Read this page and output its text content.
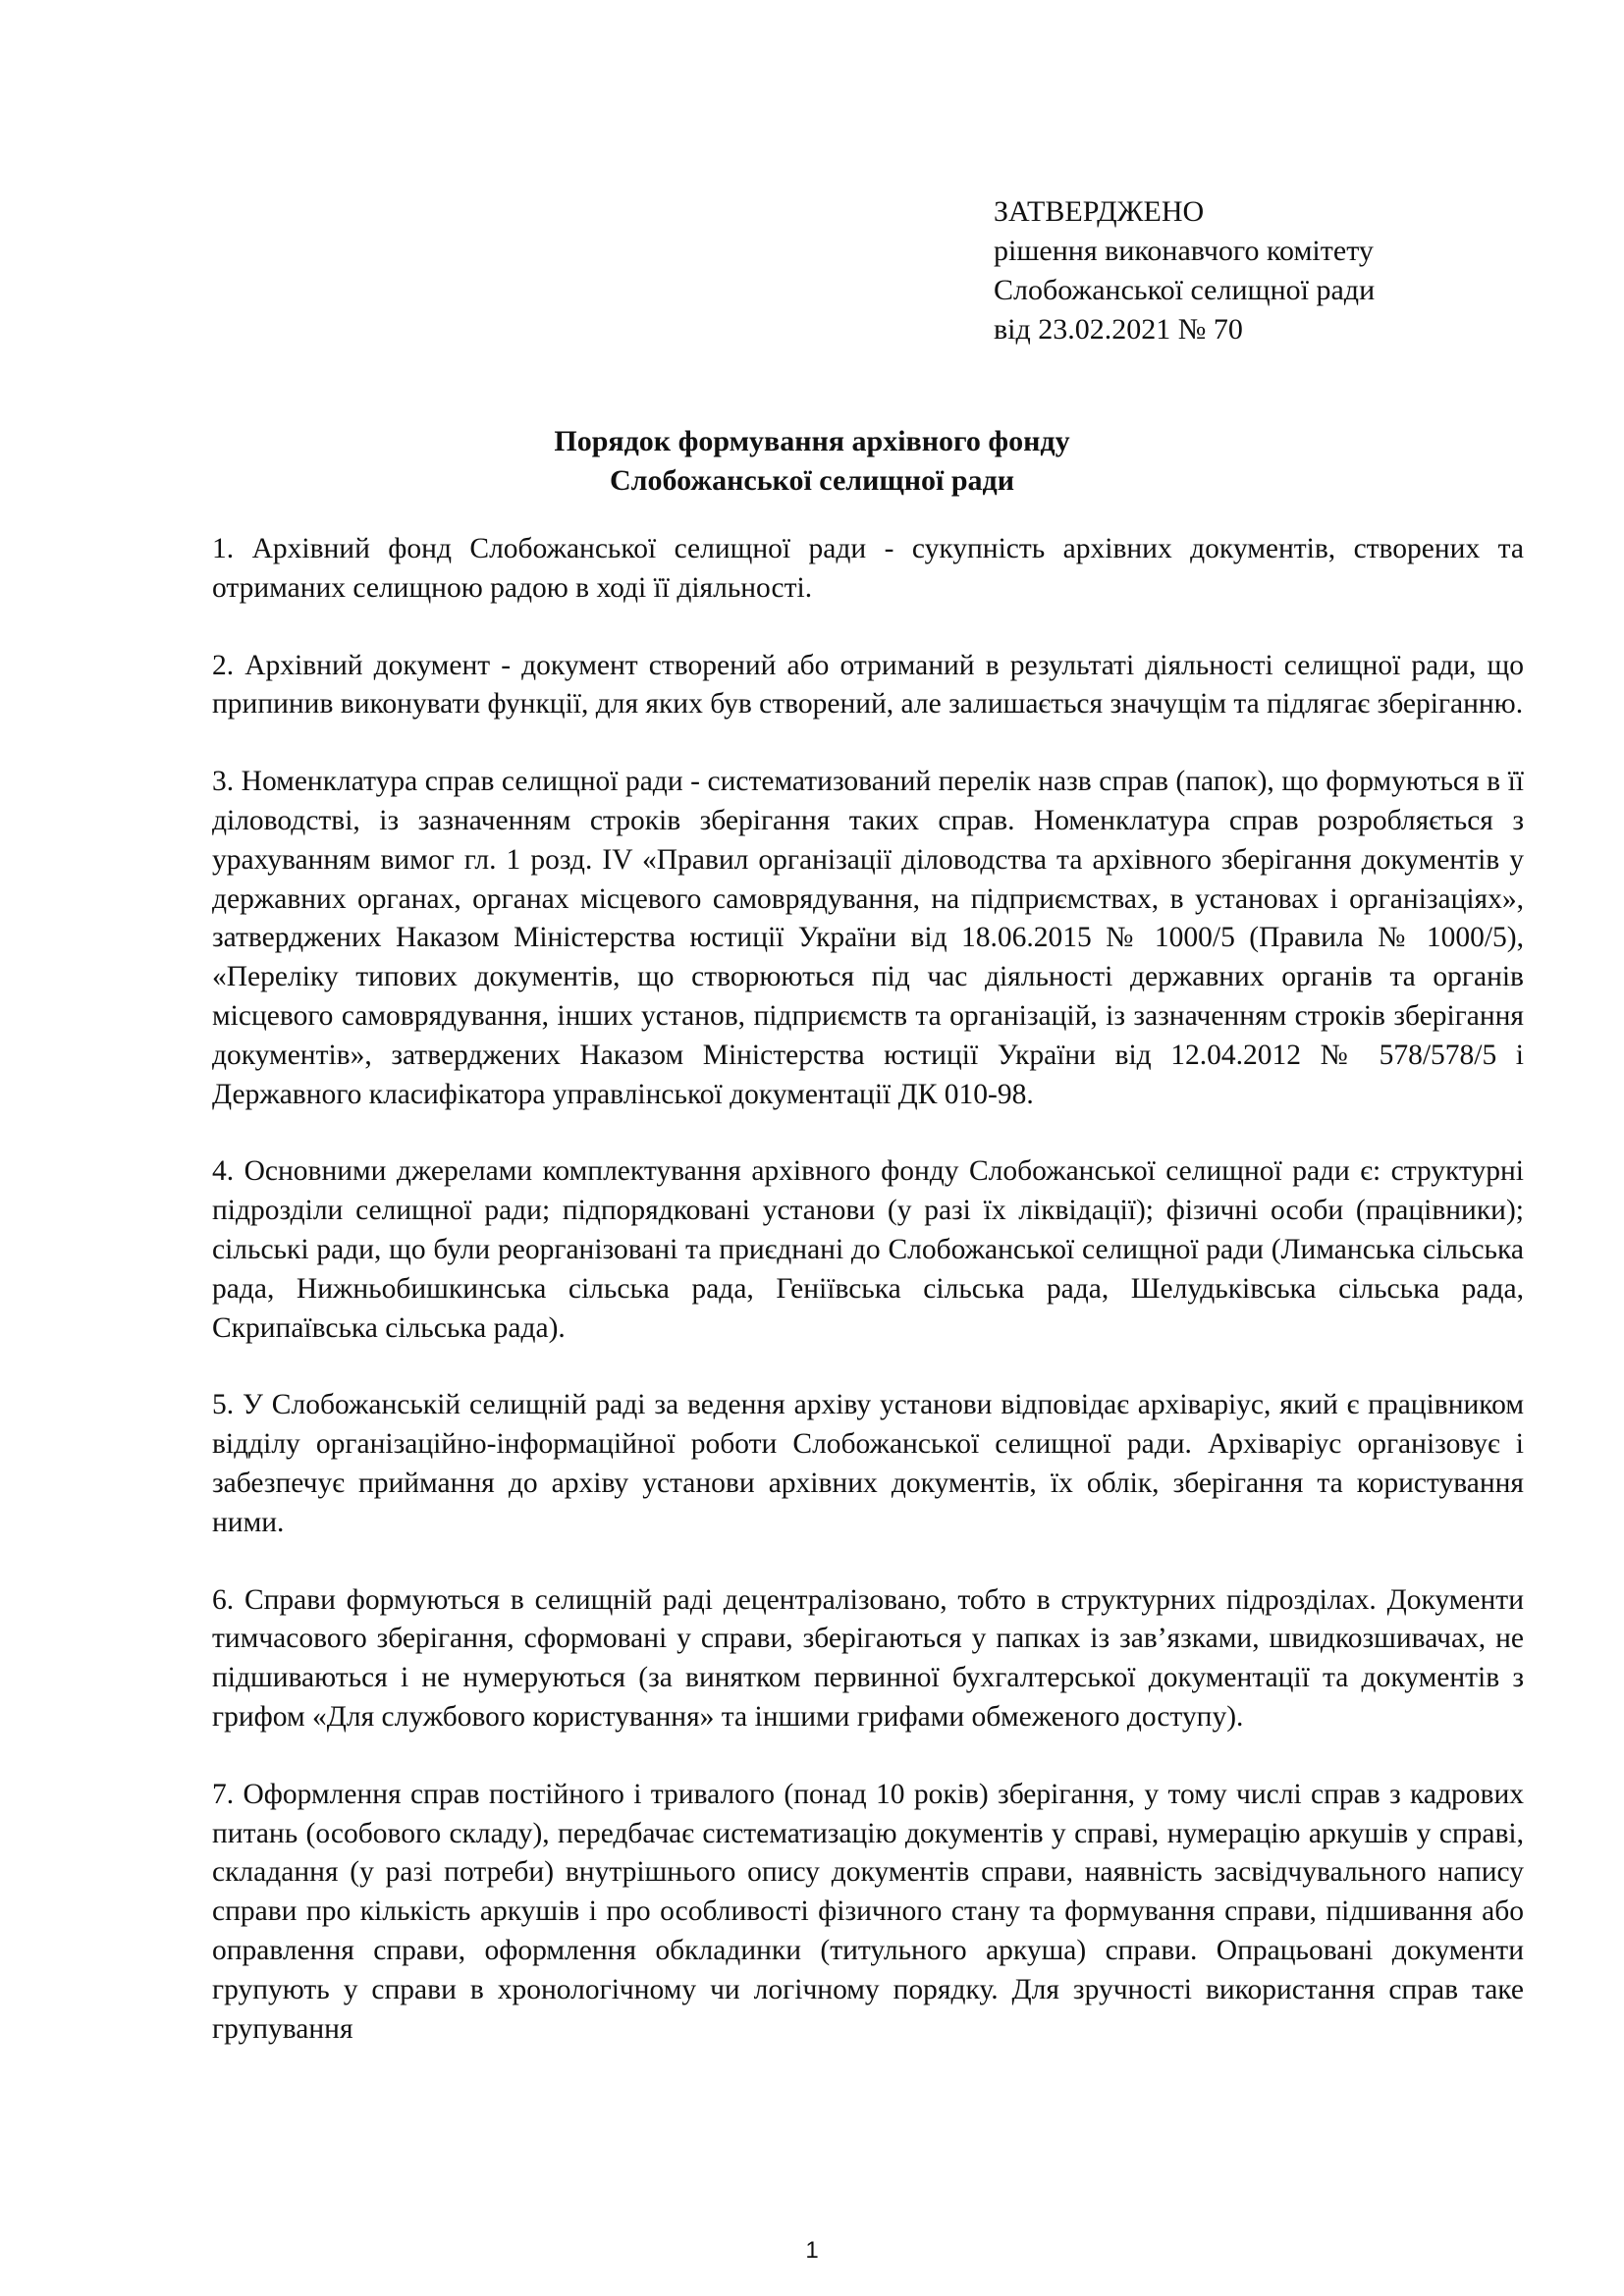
ЗАТВЕРДЖЕНО
рішення виконавчого комітету
Слобожанської селищної ради
від 23.02.2021 № 70
Порядок формування архівного фонду
Слобожанської селищної ради

1. Архівний фонд Слобожанської селищної ради - сукупність архівних документів, створених та отриманих селищною радою в ході її діяльності.

2. Архівний документ - документ створений або отриманий в результаті діяльності селищної ради, що припинив виконувати функції, для яких був створений, але залишається значущім та підлягає зберіганню.

3. Номенклатура справ селищної ради - систематизований перелік назв справ (папок), що формуються в її діловодстві, із зазначенням строків зберігання таких справ. Номенклатура справ розробляється з урахуванням вимог гл. 1 розд. IV «Правил організації діловодства та архівного зберігання документів у державних органах, органах місцевого самоврядування, на підприємствах, в установах і організаціях», затверджених Наказом Міністерства юстиції України від 18.06.2015 № 1000/5 (Правила № 1000/5), «Переліку типових документів, що створюються під час діяльності державних органів та органів місцевого самоврядування, інших установ, підприємств та організацій, із зазначенням строків зберігання документів», затверджених Наказом Міністерства юстиції України від 12.04.2012 № 578/578/5 і Державного класифікатора управлінської документації ДК 010-98.

4. Основними джерелами комплектування архівного фонду Слобожанської селищної ради є: структурні підрозділи селищної ради; підпорядковані установи (у разі їх ліквідації); фізичні особи (працівники); сільські ради, що були реорганізовані та приєднані до Слобожанської селищної ради (Лиманська сільська рада, Нижньобишкинська сільська рада, Геніївська сільська рада, Шелудьківська сільська рада, Скрипаївська сільська рада).

5. У Слобожанській селищній раді за ведення архіву установи відповідає архіваріус, який є працівником відділу організаційно-інформаційної роботи Слобожанської селищної ради. Архіваріус організовує і забезпечує приймання до архіву установи архівних документів, їх облік, зберігання та користування ними.

6. Справи формуються в селищній раді децентралізовано, тобто в структурних підрозділах. Документи тимчасового зберігання, сформовані у справи, зберігаються у папках із зав’язками, швидкозшивачах, не підшиваються і не нумеруються (за винятком первинної бухгалтерської документації та документів з грифом «Для службового користування» та іншими грифами обмеженого доступу).

7. Оформлення справ постійного і тривалого (понад 10 років) зберігання, у тому числі справ з кадрових питань (особового складу), передбачає систематизацію документів у справі, нумерацію аркушів у справі, складання (у разі потреби) внутрішнього опису документів справи, наявність засвідчувального напису справи про кількість аркушів і про особливості фізичного стану та формування справи, підшивання або оправлення справи, оформлення обкладинки (титульного аркуша) справи. Опрацьовані документи групують у справи в хронологічному чи логічному порядку. Для зручності використання справ таке групування

1
